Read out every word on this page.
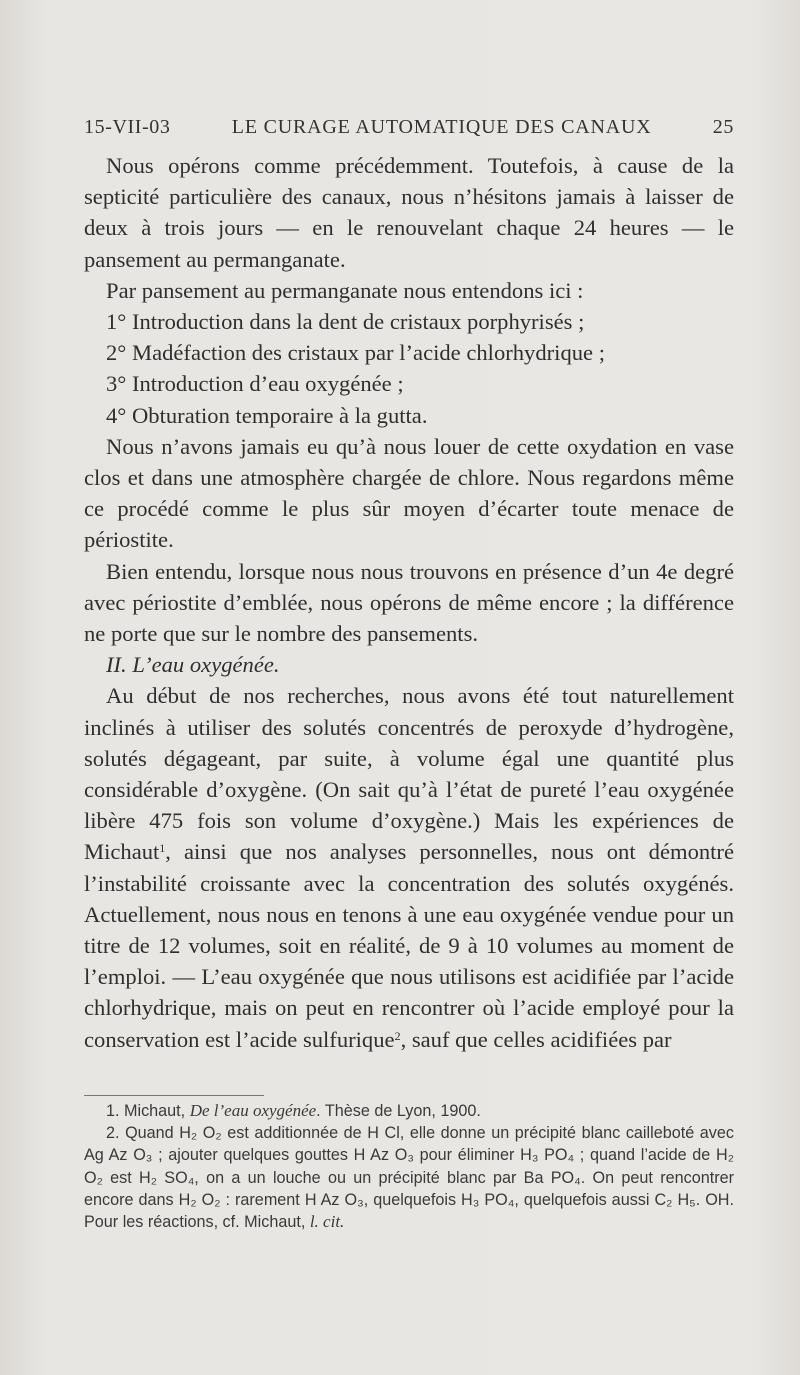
15-VII-03	LE CURAGE AUTOMATIQUE DES CANAUX	25

Nous opérons comme précédemment. Toutefois, à cause de la septicité particulière des canaux, nous n’hésitons jamais à laisser de deux à trois jours — en le renouvelant chaque 24 heures — le pansement au permanganate.

Par pansement au permanganate nous entendons ici :

1° Introduction dans la dent de cristaux porphyrisés ;

2° Madéfaction des cristaux par l’acide chlorhydrique ;

3° Introduction d’eau oxygénée ;

4° Obturation temporaire à la gutta.

Nous n’avons jamais eu qu’à nous louer de cette oxydation en vase clos et dans une atmosphère chargée de chlore. Nous regardons même ce procédé comme le plus sûr moyen d’écarter toute menace de périostite.

Bien entendu, lorsque nous nous trouvons en présence d’un 4e degré avec périostite d’emblée, nous opérons de même encore ; la différence ne porte que sur le nombre des pansements.

II. L’eau oxygénée.

Au début de nos recherches, nous avons été tout naturellement inclinés à utiliser des solutés concentrés de peroxyde d’hydrogène, solutés dégageant, par suite, à volume égal une quantité plus considérable d’oxygène. (On sait qu’à l’état de pureté l’eau oxygénée libère 475 fois son volume d’oxygène.) Mais les expériences de Michaut$^1$, ainsi que nos analyses personnelles, nous ont démontré l’instabilité croissante avec la concentration des solutés oxygénés. Actuellement, nous nous en tenons à une eau oxygénée vendue pour un titre de 12 volumes, soit en réalité, de 9 à 10 volumes au moment de l’emploi. — L’eau oxygénée que nous utilisons est acidifiée par l’acide chlorhydrique, mais on peut en rencontrer où l’acide employé pour la conservation est l’acide sulfurique$^2$, sauf que celles acidifiées par

1. Michaut, De l’eau oxygénée. Thèse de Lyon, 1900.

2. Quand H₂ O₂ est additionnée de H Cl, elle donne un précipité blanc cailleboté avec Ag Az O₃ ; ajouter quelques gouttes H Az O₃ pour éliminer H₃ PO₄ ; quand l’acide de H₂ O₂ est H₂ SO₄, on a un louche ou un précipité blanc par Ba PO₄. On peut rencontrer encore dans H₂ O₂ : rarement H Az O₃, quelquefois H₃ PO₄, quelquefois aussi C₂ H₅. OH. Pour les réactions, cf. Michaut, l. cit.
